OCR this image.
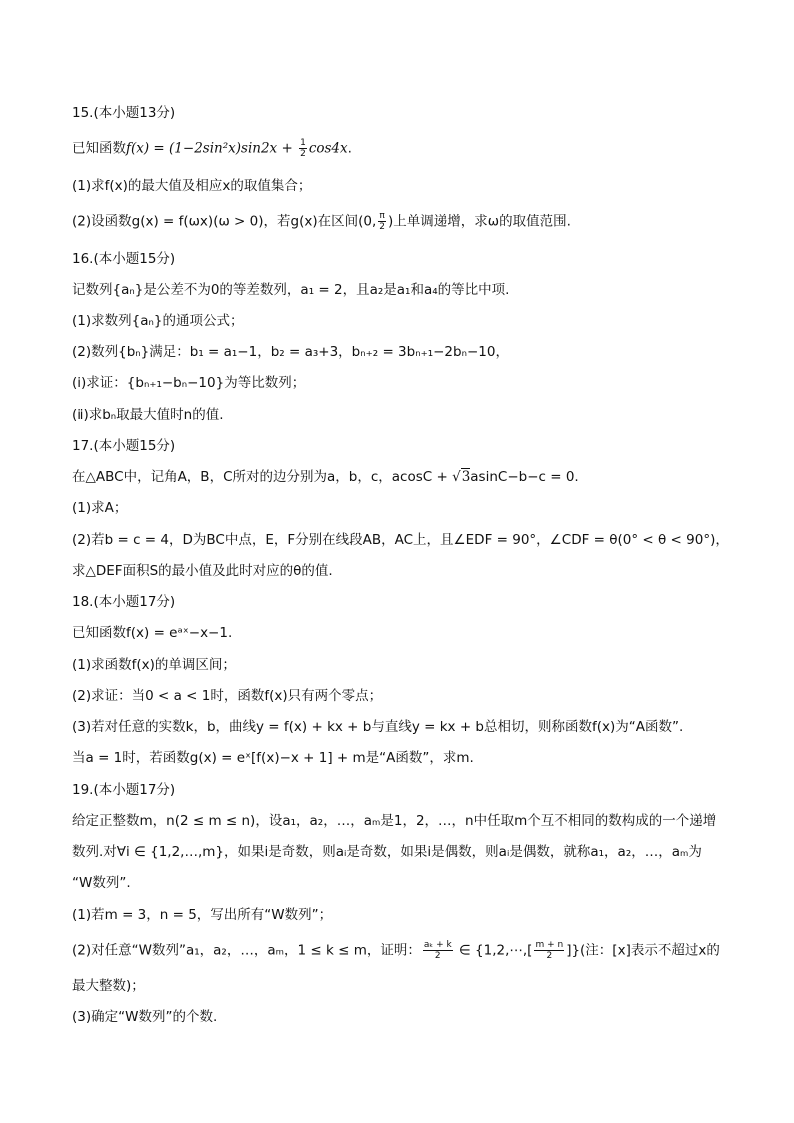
15.(本小题13分)
已知函数$f(x) = (1-2\sin^2x)\sin 2x + \frac{1}{2} \cos 4x$.
(1)求f(x)的最大值及相应x的取值集合；
(2)设函数g(x) = f(ωx)(ω > 0)，若g(x)在区间(0, $\frac{\pi}{2}$ )上单调递增，求ω的取值范围.
16.(本小题15分)
记数列{aₙ}是公差不为0的等差数列，a₁ = 2，且a₂是a₁和a₄的等比中项.
(1)求数列{aₙ}的通项公式；
(2)数列{bₙ}满足：b₁ = a₁−1，b₂ = a₃+3，bₙ₊₂ = 3bₙ₊₁−2bₙ−10，
(i)求证：{bₙ₊₁−bₙ−10}为等比数列；
(ⅱ)求bₙ取最大值时n的值.
17.(本小题15分)
在△ABC中，记角A，B，C所对的边分别为a，b，c，acosC + √3asinC−b−c = 0.
(1)求A；
(2)若b = c = 4，D为BC中点，E，F分别在线段AB，AC上，且∠EDF = 90°，∠CDF = θ(0° < θ < 90°)，
求△DEF面积S的最小值及此时对应的θ的值.
18.(本小题17分)
已知函数f(x) = eᵃˣ−x−1.
(1)求函数f(x)的单调区间；
(2)求证：当0 < a < 1时，函数f(x)只有两个零点；
(3)若对任意的实数k，b，曲线y = f(x) + kx + b与直线y = kx + b总相切，则称函数f(x)为“A函数”.
当a = 1时，若函数g(x) = eˣ[f(x)−x + 1] + m是“A函数”，求m.
19.(本小题17分)
给定正整数m，n(2 ≤ m ≤ n)，设a₁，a₂，…，aₘ是1，2，…，n中任取m个互不相同的数构成的一个递增
数列.对∀i ∈ {1,2,…,m}，如果i是奇数，则aᵢ是奇数，如果i是偶数，则aᵢ是偶数，就称a₁，a₂，…，aₘ为
“W数列”.
(1)若m = 3，n = 5，写出所有“W数列”；
(2)对任意“W数列”a₁，a₂，…，aₘ，1 ≤ k ≤ m，证明： $\frac{\text{aₖ + k}}{2}$ ∈ {1,2,⋯,[ $\frac{m + n}{2}$ ]}(注：[x]表示不超过x的
最大整数)；
(3)确定“W数列”的个数.
